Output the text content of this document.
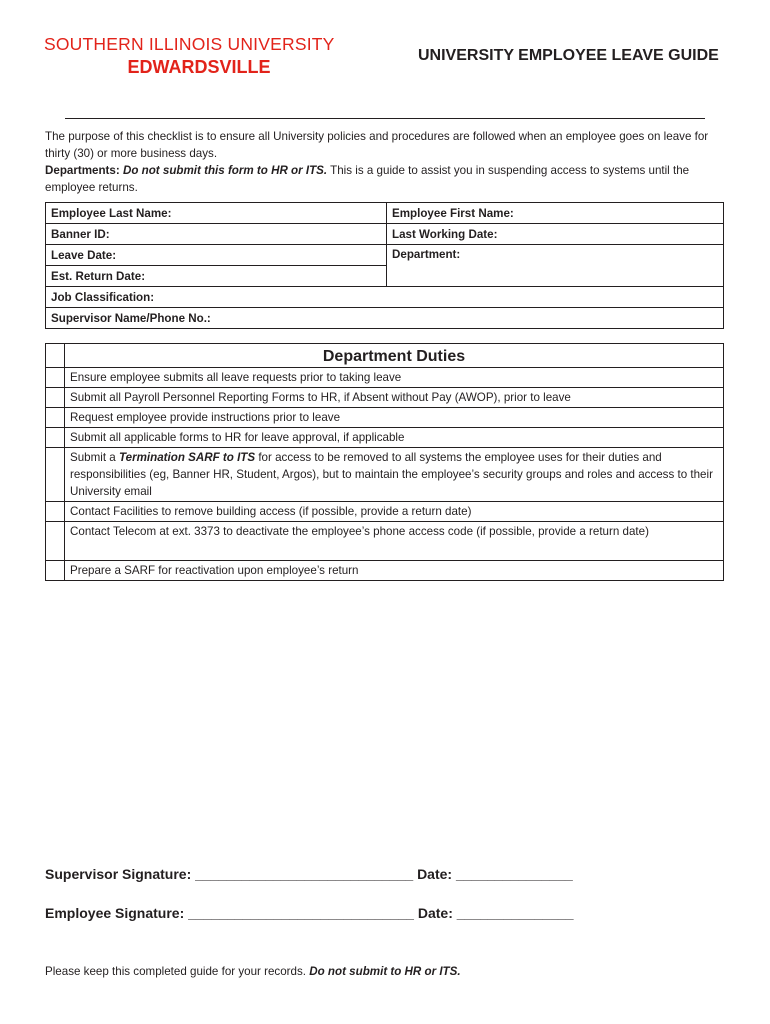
SOUTHERN ILLINOIS UNIVERSITY
EDWARDSVILLE
UNIVERSITY EMPLOYEE LEAVE GUIDE

The purpose of this checklist is to ensure all University policies and procedures are followed when an employee goes on leave for thirty (30) or more business days.

Departments: Do not submit this form to HR or ITS. This is a guide to assist you in suspending access to systems until the employee returns.

Employee Last Name:	Employee First Name:
Banner ID:	Last Working Date:
Leave Date:	Department:
Est. Return Date:	
Job Classification:	
Supervisor Name/Phone No.:	
	Department Duties
	Ensure employee submits all leave requests prior to taking leave
	Submit all Payroll Personnel Reporting Forms to HR, if Absent without Pay (AWOP), prior to leave
	Request employee provide instructions prior to leave
	Submit all applicable forms to HR for leave approval, if applicable
	Submit a Termination SARF to ITS for access to be removed to all systems the employee uses for their duties and responsibilities (eg, Banner HR, Student, Argos), but to maintain the employee’s security groups and roles and access to their University email
	Contact Facilities to remove building access (if possible, provide a return date)
	Contact Telecom at ext. 3373 to deactivate the employee’s phone access code (if possible, provide a return date)
	Prepare a SARF for reactivation upon employee’s return
Supervisor Signature: ____________________________ Date: _______________
Employee Signature: _____________________________ Date: _______________
Please keep this completed guide for your records. Do not submit to HR or ITS.
